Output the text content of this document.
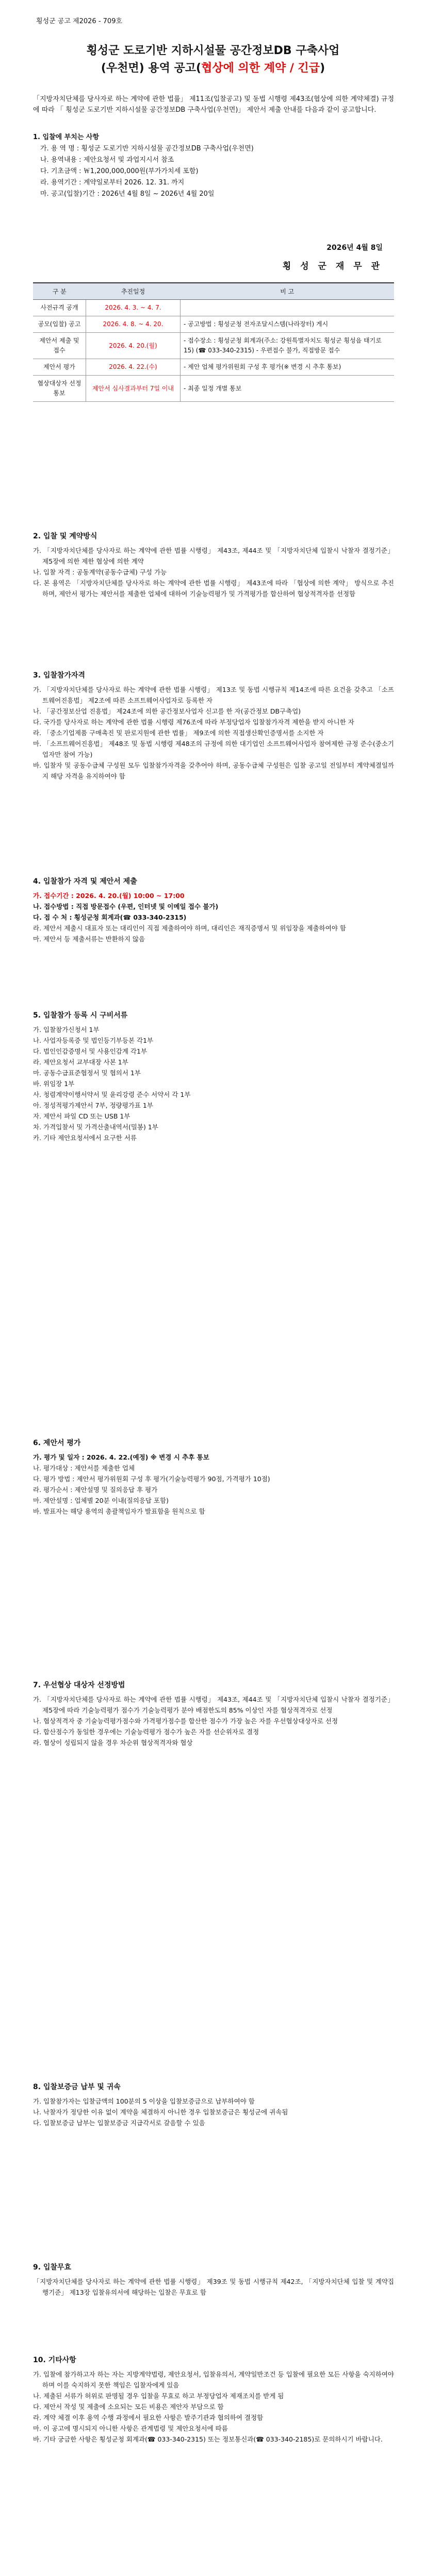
횡성군 공고 제2026 - 709호
횡성군 도로기반 지하시설물 공간정보DB 구축사업
(우천면) 용역 공고(협상에 의한 계약 / 긴급)
「지방자치단체를 당사자로 하는 계약에 관한 법률」 제11조(입찰공고) 및 동법 시행령 제43조(협상에 의한 계약체결) 규정에 따라 「 횡성군 도로기반 지하시설물 공간정보DB 구축사업(우천면)」 제안서 제출 안내를 다음과 같이 공고합니다.
1. 입찰에 부치는 사항
가. 용 역 명 : 횡성군 도로기반 지하시설물 공간정보DB 구축사업(우천면)
나. 용역내용 : 제안요청서 및 과업지시서 참조
다. 기초금액 : ￦1,200,000,000원(부가가치세 포함)
라. 용역기간 : 계약일로부터 2026. 12. 31. 까지
마. 공고(입찰)기간 : 2026년 4월 8일 ~ 2026년 4월 20일
2026년 4월 8일
횡 성 군 재 무 관
구 분	추진일정	비 고
사전규격 공개	2026. 4. 3. ~ 4. 7.	
공모(입찰) 공고	2026. 4. 8. ~ 4. 20.	- 공고방법 : 횡성군청 전자조달시스템(나라장터) 게시
제안서 제출 및 접수	2026. 4. 20.(월)	- 접수장소 : 횡성군청 회계과(주소: 강원특별자치도 횡성군 횡성읍 태기로 15) (☎ 033-340-2315) - 우편접수 불가, 직접방문 접수
제안서 평가	2026. 4. 22.(수)	- 제안 업체 평가위원회 구성 후 평가(※ 변경 시 추후 통보)
협상대상자 선정통보	제안서 심사결과부터 7일 이내	- 최종 일정 개별 통보
2. 입찰 및 계약방식
가. 「지방자치단체를 당사자로 하는 계약에 관한 법률 시행령」 제43조, 제44조 및 「지방자치단체 입찰시 낙찰자 결정기준」 제5장에 의한 제한 협상에 의한 계약
나. 입찰 자격 : 공동계약(공동수급체) 구성 가능
다. 본 용역은 「지방자치단체를 당사자로 하는 계약에 관한 법률 시행령」 제43조에 따라 「협상에 의한 계약」 방식으로 추진하며, 제안서 평가는 제안서를 제출한 업체에 대하여 기술능력평가 및 가격평가를 합산하여 협상적격자를 선정함
3. 입찰참가자격
가. 「지방자치단체를 당사자로 하는 계약에 관한 법률 시행령」 제13조 및 동법 시행규칙 제14조에 따른 요건을 갖추고 「소프트웨어진흥법」 제2조에 따른 소프트웨어사업자로 등록한 자
나. 「공간정보산업 진흥법」 제24조에 의한 공간정보사업자 신고를 한 자(공간정보 DB구축업)
다. 국가를 당사자로 하는 계약에 관한 법률 시행령 제76조에 따라 부정당업자 입찰참가자격 제한을 받지 아니한 자
라. 「중소기업제품 구매촉진 및 판로지원에 관한 법률」 제9조에 의한 직접생산확인증명서를 소지한 자
마. 「소프트웨어진흥법」 제48조 및 동법 시행령 제48조의 규정에 의한 대기업인 소프트웨어사업자 참여제한 규정 준수(중소기업자만 참여 가능)
바. 입찰자 및 공동수급체 구성원 모두 입찰참가자격을 갖추어야 하며, 공동수급체 구성원은 입찰 공고일 전일부터 계약체결일까지 해당 자격을 유지하여야 함
4. 입찰참가 자격 및 제안서 제출
가. 접수기간 : 2026. 4. 20.(월) 10:00 ~ 17:00
나. 접수방법 : 직접 방문접수 (우편, 인터넷 및 이메일 접수 불가)
다. 접 수 처 : 횡성군청 회계과(☎ 033-340-2315)
라. 제안서 제출시 대표자 또는 대리인이 직접 제출하여야 하며, 대리인은 재직증명서 및 위임장을 제출하여야 함
마. 제안서 등 제출서류는 반환하지 않음
5. 입찰참가 등록 시 구비서류
가. 입찰참가신청서 1부
나. 사업자등록증 및 법인등기부등본 각1부
다. 법인인감증명서 및 사용인감계 각1부
라. 제안요청서 교부대장 사본 1부
마. 공동수급표준협정서 및 협의서 1부
바. 위임장 1부
사. 청렴계약이행서약서 및 윤리강령 준수 서약서 각 1부
아. 정성적평가제안서 7부, 정량평가표 1부
자. 제안서 파일 CD 또는 USB 1부
차. 가격입찰서 및 가격산출내역서(밀봉) 1부
카. 기타 제안요청서에서 요구한 서류
6. 제안서 평가
가. 평가 및 일자 : 2026. 4. 22.(예정) ※ 변경 시 추후 통보
나. 평가대상 : 제안서를 제출한 업체
다. 평가 방법 : 제안서 평가위원회 구성 후 평가(기술능력평가 90점, 가격평가 10점)
라. 평가순서 : 제안설명 및 질의응답 후 평가
마. 제안설명 : 업체별 20분 이내(질의응답 포함)
바. 발표자는 해당 용역의 총괄책임자가 발표함을 원칙으로 함
7. 우선협상 대상자 선정방법
가. 「지방자치단체를 당사자로 하는 계약에 관한 법률 시행령」 제43조, 제44조 및 「지방자치단체 입찰시 낙찰자 결정기준」 제5장에 따라 기술능력평가 점수가 기술능력평가 분야 배점한도의 85% 이상인 자를 협상적격자로 선정
나. 협상적격자 중 기술능력평가점수와 가격평가점수를 합산한 점수가 가장 높은 자를 우선협상대상자로 선정
다. 합산점수가 동일한 경우에는 기술능력평가 점수가 높은 자를 선순위자로 결정
라. 협상이 성립되지 않을 경우 차순위 협상적격자와 협상
8. 입찰보증금 납부 및 귀속
가. 입찰참가자는 입찰금액의 100분의 5 이상을 입찰보증금으로 납부하여야 함
나. 낙찰자가 정당한 이유 없이 계약을 체결하지 아니한 경우 입찰보증금은 횡성군에 귀속됨
다. 입찰보증금 납부는 입찰보증금 지급각서로 갈음할 수 있음
9. 입찰무효
「지방자치단체를 당사자로 하는 계약에 관한 법률 시행령」 제39조 및 동법 시행규칙 제42조, 「지방자치단체 입찰 및 계약집행기준」 제13장 입찰유의서에 해당하는 입찰은 무효로 함
10. 기타사항
가. 입찰에 참가하고자 하는 자는 지방계약법령, 제안요청서, 입찰유의서, 계약일반조건 등 입찰에 필요한 모든 사항을 숙지하여야 하며 이를 숙지하지 못한 책임은 입찰자에게 있음
나. 제출된 서류가 허위로 판명될 경우 입찰을 무효로 하고 부정당업자 제재조치를 받게 됨
다. 제안서 작성 및 제출에 소요되는 모든 비용은 제안자 부담으로 함
라. 계약 체결 이후 용역 수행 과정에서 필요한 사항은 발주기관과 협의하여 결정함
마. 이 공고에 명시되지 아니한 사항은 관계법령 및 제안요청서에 따름
바. 기타 궁금한 사항은 횡성군청 회계과(☎ 033-340-2315) 또는 정보통신과(☎ 033-340-2185)로 문의하시기 바랍니다.
